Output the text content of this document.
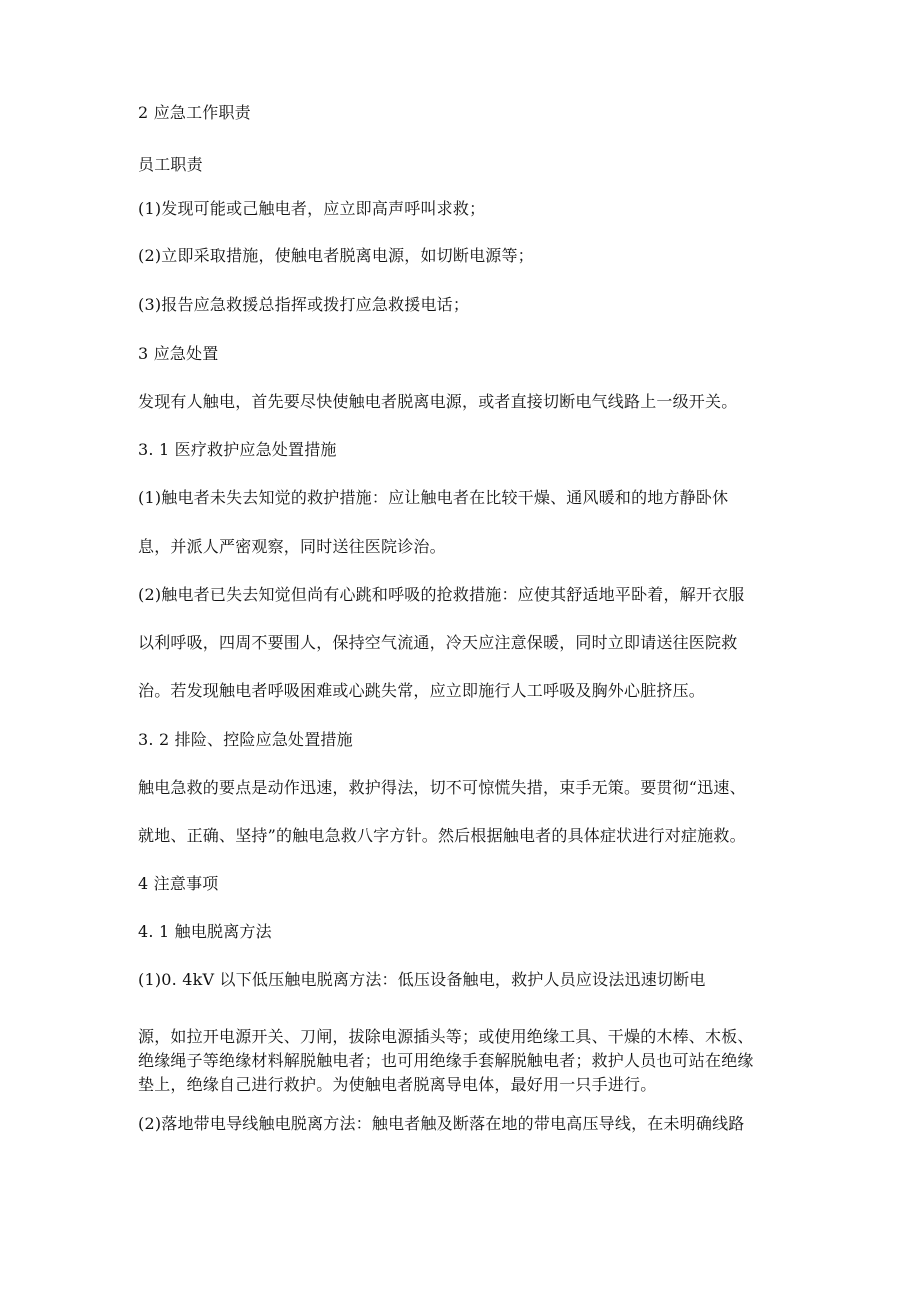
2 应急工作职责
员工职责
(1)发现可能或己触电者，应立即高声呼叫求救；
(2)立即采取措施，使触电者脱离电源，如切断电源等；
(3)报告应急救援总指挥或拨打应急救援电话；
3 应急处置
发现有人触电，首先要尽快使触电者脱离电源，或者直接切断电气线路上一级开关。
3. 1 医疗救护应急处置措施
(1)触电者未失去知觉的救护措施：应让触电者在比较干燥、通风暖和的地方静卧休
息，并派人严密观察，同时送往医院诊治。
(2)触电者已失去知觉但尚有心跳和呼吸的抢救措施：应使其舒适地平卧着，解开衣服
以利呼吸，四周不要围人，保持空气流通，冷天应注意保暖，同时立即请送往医院救
治。若发现触电者呼吸困难或心跳失常，应立即施行人工呼吸及胸外心脏挤压。
3. 2 排险、控险应急处置措施
触电急救的要点是动作迅速，救护得法，切不可惊慌失措，束手无策。要贯彻“迅速、
就地、正确、坚持”的触电急救八字方针。然后根据触电者的具体症状进行对症施救。
4 注意事项
4. 1 触电脱离方法
(1)0. 4kV 以下低压触电脱离方法：低压设备触电，救护人员应设法迅速切断电
源，如拉开电源开关、刀闸，拔除电源插头等；或使用绝缘工具、干燥的木棒、木板、
绝缘绳子等绝缘材料解脱触电者；也可用绝缘手套解脱触电者；救护人员也可站在绝缘
垫上，绝缘自己进行救护。为使触电者脱离导电体，最好用一只手进行。
(2)落地带电导线触电脱离方法：触电者触及断落在地的带电高压导线，在未明确线路
